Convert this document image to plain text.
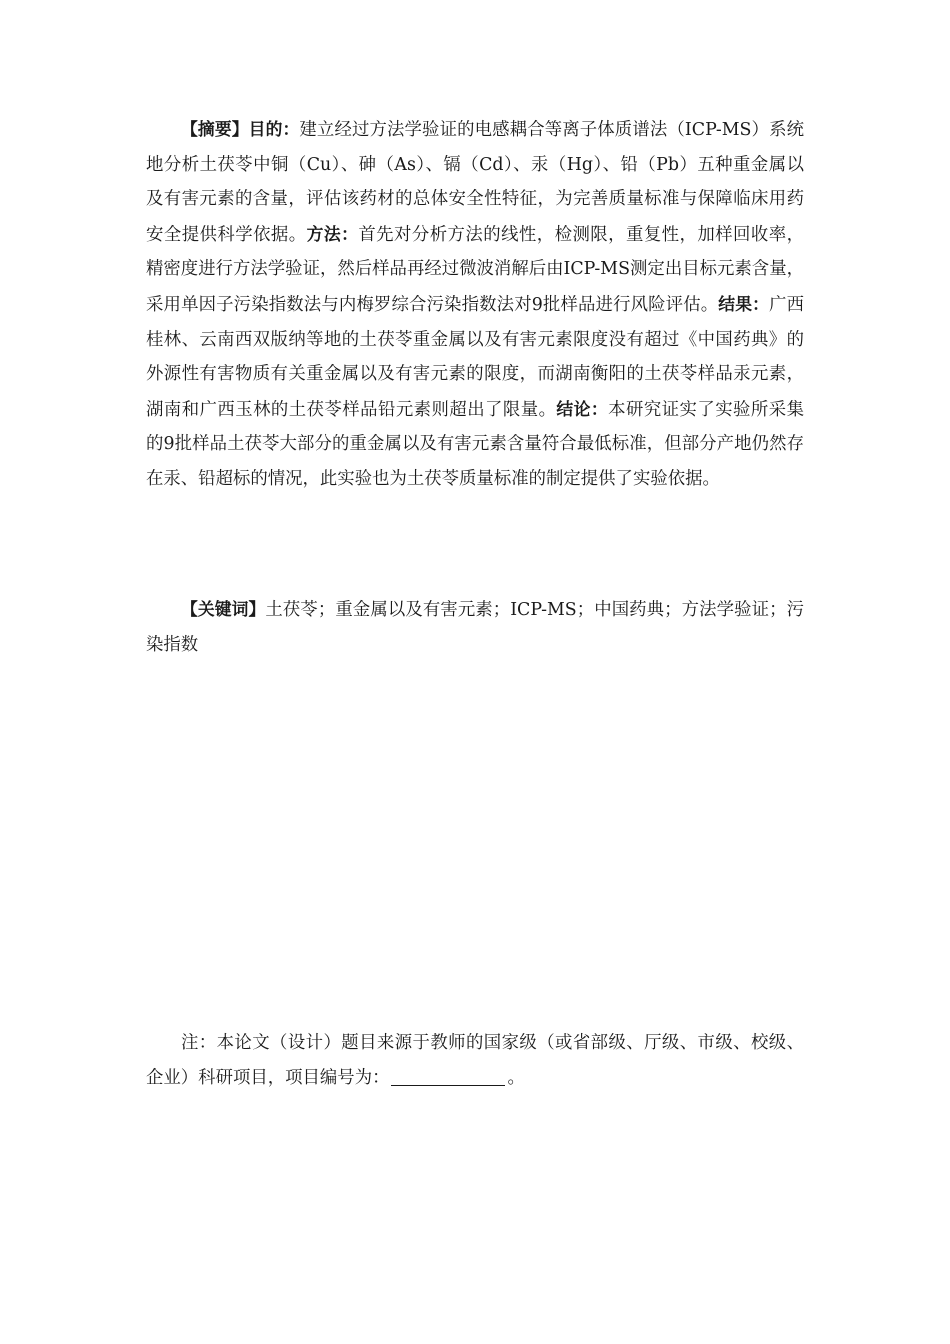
【摘要】目的：建立经过方法学验证的电感耦合等离子体质谱法（ICP-MS）系统地分析土茯苓中铜（Cu）、砷（As）、镉（Cd）、汞（Hg）、铅（Pb）五种重金属以及有害元素的含量，评估该药材的总体安全性特征，为完善质量标准与保障临床用药安全提供科学依据。方法：首先对分析方法的线性，检测限，重复性，加样回收率，精密度进行方法学验证，然后样品再经过微波消解后由ICP-MS测定出目标元素含量，采用单因子污染指数法与内梅罗综合污染指数法对9批样品进行风险评估。结果：广西桂林、云南西双版纳等地的土茯苓重金属以及有害元素限度没有超过《中国药典》的外源性有害物质有关重金属以及有害元素的限度，而湖南衡阳的土茯苓样品汞元素，湖南和广西玉林的土茯苓样品铅元素则超出了限量。结论：本研究证实了实验所采集的9批样品土茯苓大部分的重金属以及有害元素含量符合最低标准，但部分产地仍然存在汞、铅超标的情况，此实验也为土茯苓质量标准的制定提供了实验依据。

【关键词】土茯苓；重金属以及有害元素；ICP-MS；中国药典；方法学验证；污染指数

注：本论文（设计）题目来源于教师的国家级（或省部级、厅级、市级、校级、企业）科研项目，项目编号为：	。
